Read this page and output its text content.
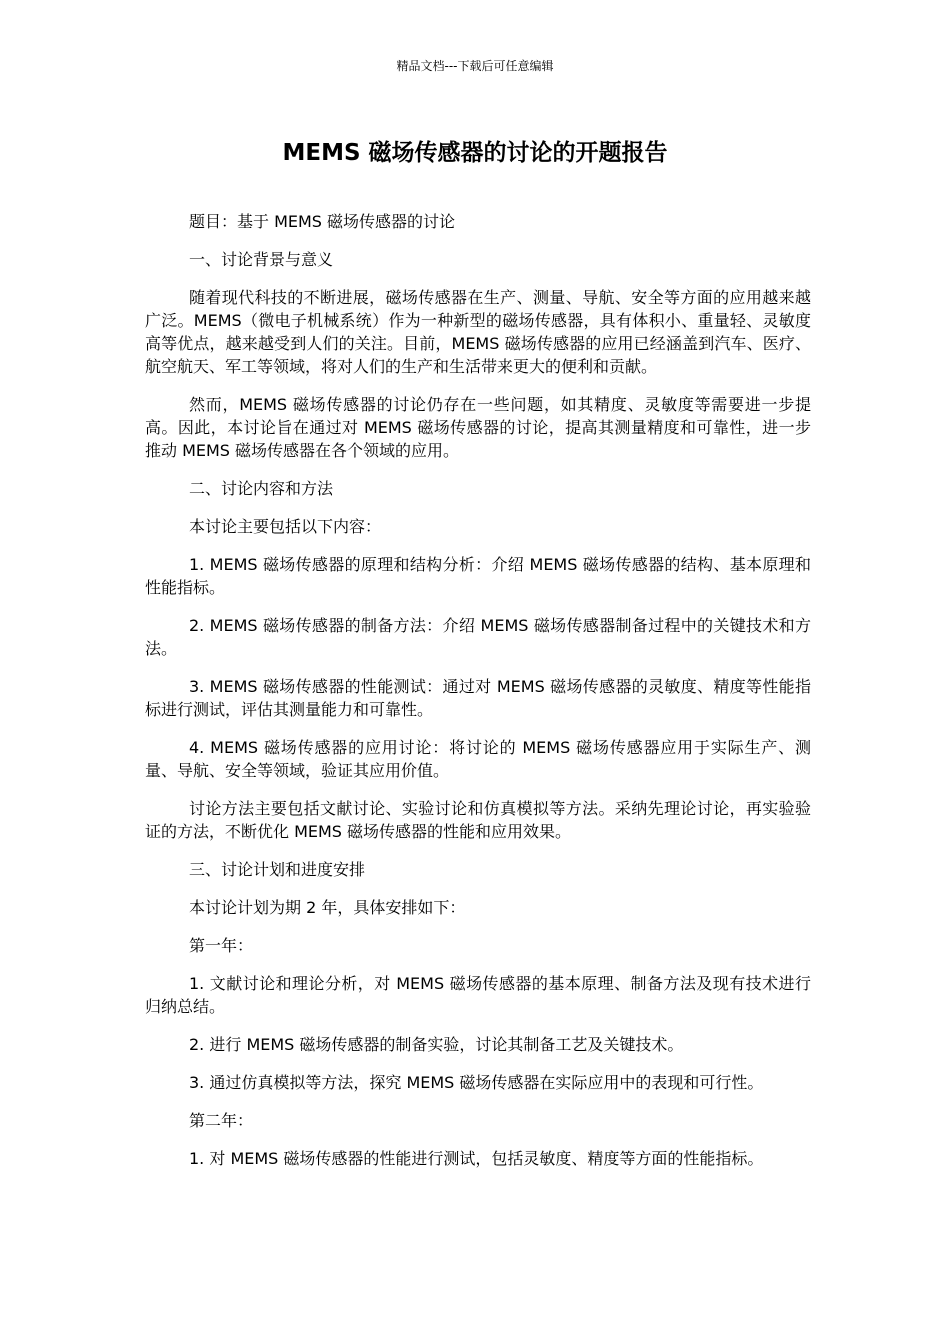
精品文档---下载后可任意编辑
MEMS 磁场传感器的讨论的开题报告

题目：基于 MEMS 磁场传感器的讨论

一、讨论背景与意义

随着现代科技的不断进展，磁场传感器在生产、测量、导航、安全等方面的应用越来越广泛。MEMS（微电子机械系统）作为一种新型的磁场传感器，具有体积小、重量轻、灵敏度高等优点，越来越受到人们的关注。目前，MEMS 磁场传感器的应用已经涵盖到汽车、医疗、航空航天、军工等领域，将对人们的生产和生活带来更大的便利和贡献。

然而，MEMS 磁场传感器的讨论仍存在一些问题，如其精度、灵敏度等需要进一步提高。因此，本讨论旨在通过对 MEMS 磁场传感器的讨论，提高其测量精度和可靠性，进一步推动 MEMS 磁场传感器在各个领域的应用。

二、讨论内容和方法

本讨论主要包括以下内容：

1. MEMS 磁场传感器的原理和结构分析：介绍 MEMS 磁场传感器的结构、基本原理和性能指标。

2. MEMS 磁场传感器的制备方法：介绍 MEMS 磁场传感器制备过程中的关键技术和方法。

3. MEMS 磁场传感器的性能测试：通过对 MEMS 磁场传感器的灵敏度、精度等性能指标进行测试，评估其测量能力和可靠性。

4. MEMS 磁场传感器的应用讨论：将讨论的 MEMS 磁场传感器应用于实际生产、测量、导航、安全等领域，验证其应用价值。

讨论方法主要包括文献讨论、实验讨论和仿真模拟等方法。采纳先理论讨论，再实验验证的方法，不断优化 MEMS 磁场传感器的性能和应用效果。

三、讨论计划和进度安排

本讨论计划为期 2 年，具体安排如下：

第一年：

1. 文献讨论和理论分析，对 MEMS 磁场传感器的基本原理、制备方法及现有技术进行归纳总结。

2. 进行 MEMS 磁场传感器的制备实验，讨论其制备工艺及关键技术。

3. 通过仿真模拟等方法，探究 MEMS 磁场传感器在实际应用中的表现和可行性。

第二年：

1. 对 MEMS 磁场传感器的性能进行测试，包括灵敏度、精度等方面的性能指标。
